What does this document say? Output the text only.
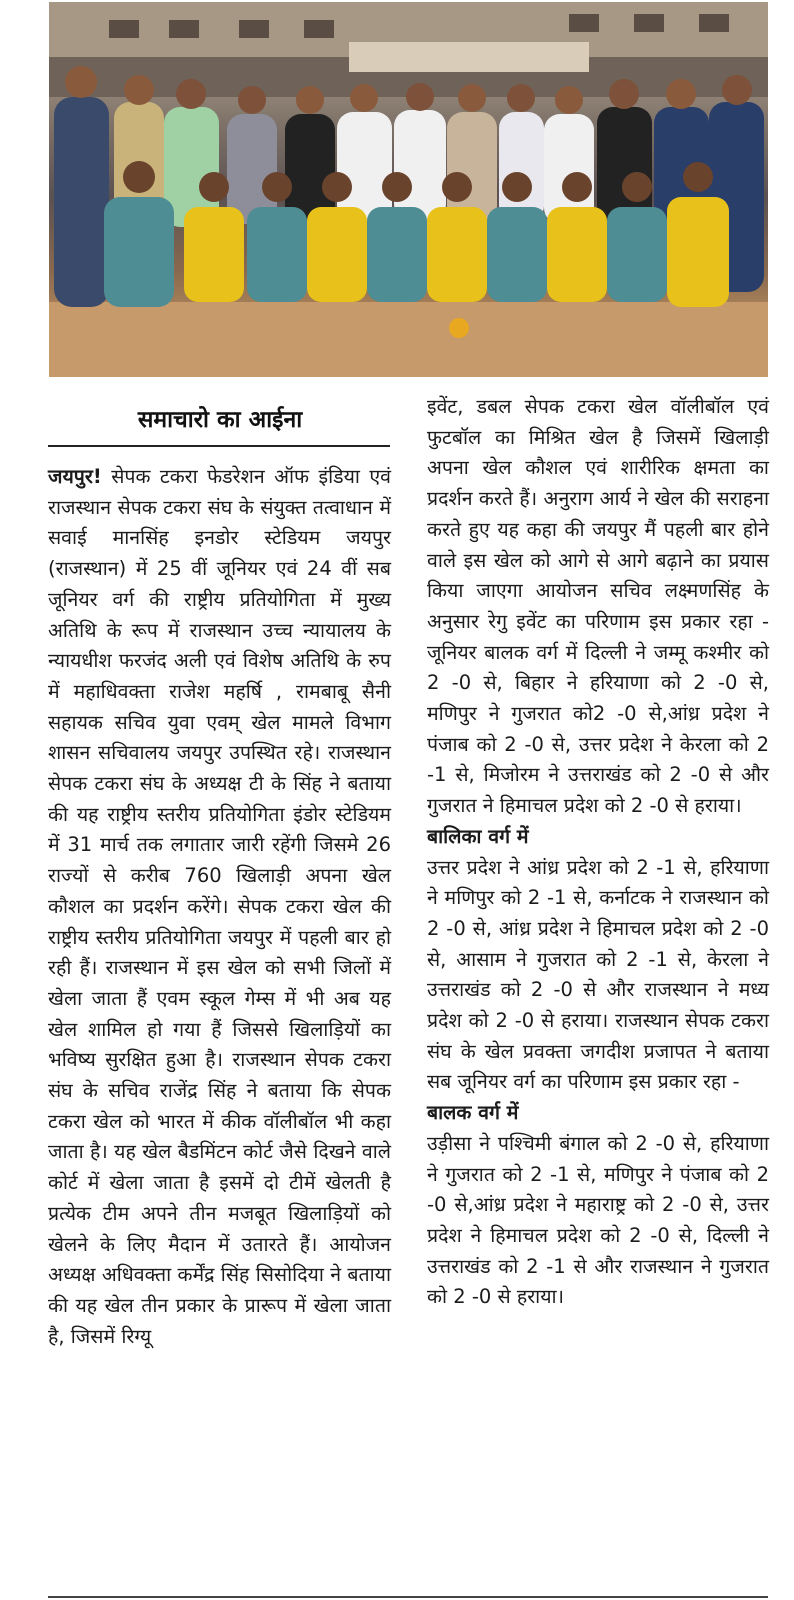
समाचारो का आईना

जयपुर! सेपक टकरा फेडरेशन ऑफ इंडिया एवं राजस्थान सेपक टकरा संघ के संयुक्त तत्वाधान में सवाई मानसिंह इनडोर स्टेडियम जयपुर (राजस्थान) में 25 वीं जूनियर एवं 24 वीं सब जूनियर वर्ग की राष्ट्रीय प्रतियोगिता में मुख्य अतिथि के रूप में राजस्थान उच्च न्यायालय के न्यायधीश फरजंद अली एवं विशेष अतिथि के रुप में महाधिवक्ता राजेश महर्षि , रामबाबू सैनी सहायक सचिव युवा एवम् खेल मामले विभाग शासन सचिवालय जयपुर उपस्थित रहे। राजस्थान सेपक टकरा संघ के अध्यक्ष टी के सिंह ने बताया की यह राष्ट्रीय स्तरीय प्रतियोगिता इंडोर स्टेडियम में 31 मार्च तक लगातार जारी रहेंगी जिसमे 26 राज्यों से करीब 760 खिलाड़ी अपना खेल कौशल का प्रदर्शन करेंगे। सेपक टकरा खेल की राष्ट्रीय स्तरीय प्रतियोगिता जयपुर में पहली बार हो रही हैं। राजस्थान में इस खेल को सभी जिलों में खेला जाता हैं एवम स्कूल गेम्स में भी अब यह खेल शामिल हो गया हैं जिससे खिलाड़ियों का भविष्य सुरक्षित हुआ है। राजस्थान सेपक टकरा संघ के सचिव राजेंद्र सिंह ने बताया कि सेपक टकरा खेल को भारत में कीक वॉलीबॉल भी कहा जाता है। यह खेल बैडमिंटन कोर्ट जैसे दिखने वाले कोर्ट में खेला जाता है इसमें दो टीमें खेलती है प्रत्येक टीम अपने तीन मजबूत खिलाड़ियों को खेलने के लिए मैदान में उतारते हैं। आयोजन अध्यक्ष अधिवक्ता कर्मेंद्र सिंह सिसोदिया ने बताया की यह खेल तीन प्रकार के प्रारूप में खेला जाता है, जिसमें रिग्यू

इवेंट, डबल सेपक टकरा खेल वॉलीबॉल एवं फुटबॉल का मिश्रित खेल है जिसमें खिलाड़ी अपना खेल कौशल एवं शारीरिक क्षमता का प्रदर्शन करते हैं। अनुराग आर्य ने खेल की सराहना करते हुए यह कहा की जयपुर मैं पहली बार होने वाले इस खेल को आगे से आगे बढ़ाने का प्रयास किया जाएगा आयोजन सचिव लक्ष्मणसिंह के अनुसार रेगु इवेंट का परिणाम इस प्रकार रहा - जूनियर बालक वर्ग में दिल्ली ने जम्मू कश्मीर को 2 -0 से, बिहार ने हरियाणा को 2 -0 से, मणिपुर ने गुजरात को2 -0 से,आंध्र प्रदेश ने पंजाब को 2 -0 से, उत्तर प्रदेश ने केरला को 2 -1 से, मिजोरम ने उत्तराखंड को 2 -0 से और गुजरात ने हिमाचल प्रदेश को 2 -0 से हराया।

बालिका वर्ग में

उत्तर प्रदेश ने आंध्र प्रदेश को 2 -1 से, हरियाणा ने मणिपुर को 2 -1 से, कर्नाटक ने राजस्थान को 2 -0 से, आंध्र प्रदेश ने हिमाचल प्रदेश को 2 -0 से, आसाम ने गुजरात को 2 -1 से, केरला ने उत्तराखंड को 2 -0 से और राजस्थान ने मध्य प्रदेश को 2 -0 से हराया। राजस्थान सेपक टकरा संघ के खेल प्रवक्ता जगदीश प्रजापत ने बताया सब जूनियर वर्ग का परिणाम इस प्रकार रहा -

बालक वर्ग में

उड़ीसा ने पश्चिमी बंगाल को 2 -0 से, हरियाणा ने गुजरात को 2 -1 से, मणिपुर ने पंजाब को 2 -0 से,आंध्र प्रदेश ने महाराष्ट्र को 2 -0 से, उत्तर प्रदेश ने हिमाचल प्रदेश को 2 -0 से, दिल्ली ने उत्तराखंड को 2 -1 से और राजस्थान ने गुजरात को 2 -0 से हराया।
